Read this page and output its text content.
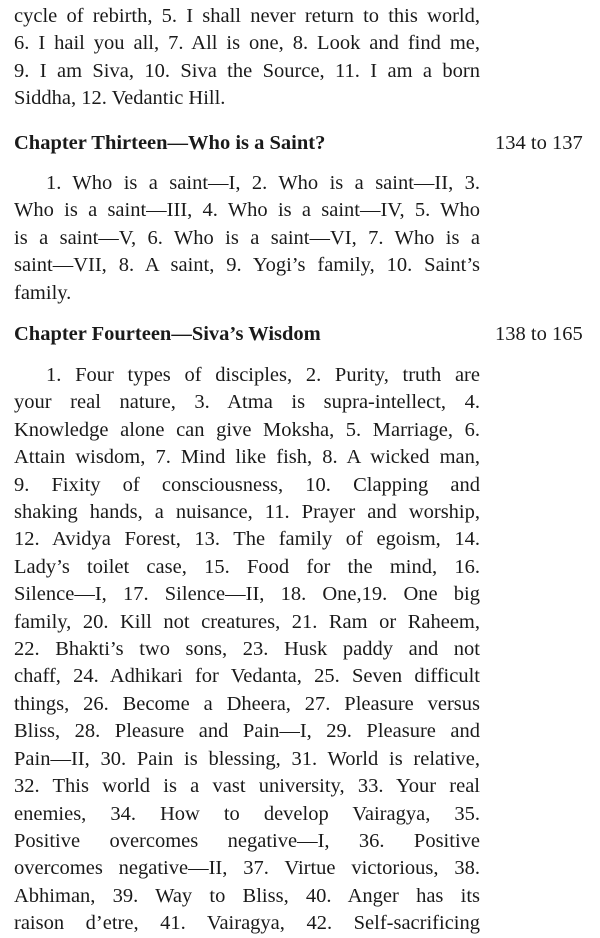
cycle of rebirth, 5. I shall never return to this world,
6. I hail you all, 7. All is one, 8. Look and find me,
9. I am Siva, 10. Siva the Source, 11. I am a born
Siddha, 12. Vedantic Hill.
Chapter Thirteen—Who is a Saint?	134 to 137
1. Who is a saint—I, 2. Who is a saint—II, 3.
Who is a saint—III, 4. Who is a saint—IV, 5. Who
is a saint—V, 6. Who is a saint—VI, 7. Who is a
saint—VII, 8. A saint, 9. Yogi’s family, 10. Saint’s
family.
Chapter Fourteen—Siva’s Wisdom	138 to 165
1. Four types of disciples, 2. Purity, truth are
your real nature, 3. Atma is supra-intellect, 4.
Knowledge alone can give Moksha, 5. Marriage, 6.
Attain wisdom, 7. Mind like fish, 8. A wicked man,
9. Fixity of consciousness, 10. Clapping and
shaking hands, a nuisance, 11. Prayer and worship,
12. Avidya Forest, 13. The family of egoism, 14.
Lady’s toilet case, 15. Food for the mind, 16.
Silence—I, 17. Silence—II, 18. One,19. One big
family, 20. Kill not creatures, 21. Ram or Raheem,
22. Bhakti’s two sons, 23. Husk paddy and not
chaff, 24. Adhikari for Vedanta, 25. Seven difficult
things, 26. Become a Dheera, 27. Pleasure versus
Bliss, 28. Pleasure and Pain—I, 29. Pleasure and
Pain—II, 30. Pain is blessing, 31. World is relative,
32. This world is a vast university, 33. Your real
enemies, 34. How to develop Vairagya, 35.
Positive overcomes negative—I, 36. Positive
overcomes negative—II, 37. Virtue victorious, 38.
Abhiman, 39. Way to Bliss, 40. Anger has its
raison d’etre, 41. Vairagya, 42. Self-sacrificing
